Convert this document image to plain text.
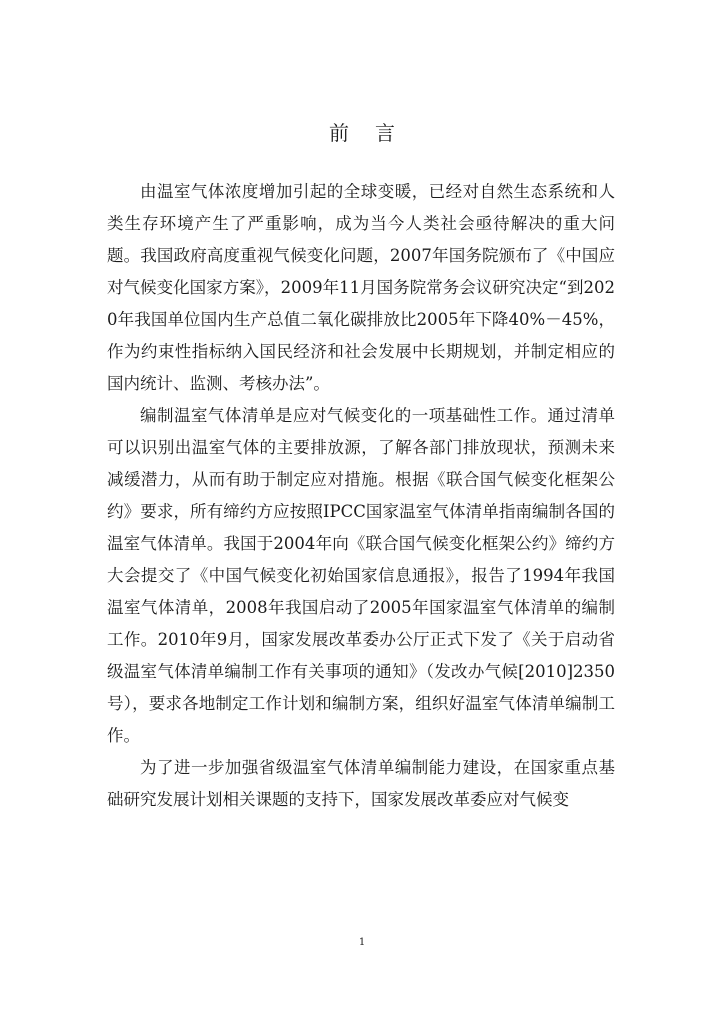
前言

由温室气体浓度增加引起的全球变暖，已经对自然生态系统和人类生存环境产生了严重影响，成为当今人类社会亟待解决的重大问题。我国政府高度重视气候变化问题，2007年国务院颁布了《中国应对气候变化国家方案》，2009年11月国务院常务会议研究决定“到2020年我国单位国内生产总值二氧化碳排放比2005年下降40%－45%，作为约束性指标纳入国民经济和社会发展中长期规划，并制定相应的国内统计、监测、考核办法”。

编制温室气体清单是应对气候变化的一项基础性工作。通过清单可以识别出温室气体的主要排放源，了解各部门排放现状，预测未来减缓潜力，从而有助于制定应对措施。根据《联合国气候变化框架公约》要求，所有缔约方应按照IPCC国家温室气体清单指南编制各国的温室气体清单。我国于2004年向《联合国气候变化框架公约》缔约方大会提交了《中国气候变化初始国家信息通报》，报告了1994年我国温室气体清单，2008年我国启动了2005年国家温室气体清单的编制工作。2010年9月，国家发展改革委办公厅正式下发了《关于启动省级温室气体清单编制工作有关事项的通知》（发改办气候[2010]2350号），要求各地制定工作计划和编制方案，组织好温室气体清单编制工作。

为了进一步加强省级温室气体清单编制能力建设，在国家重点基础研究发展计划相关课题的支持下，国家发展改革委应对气候变

1
